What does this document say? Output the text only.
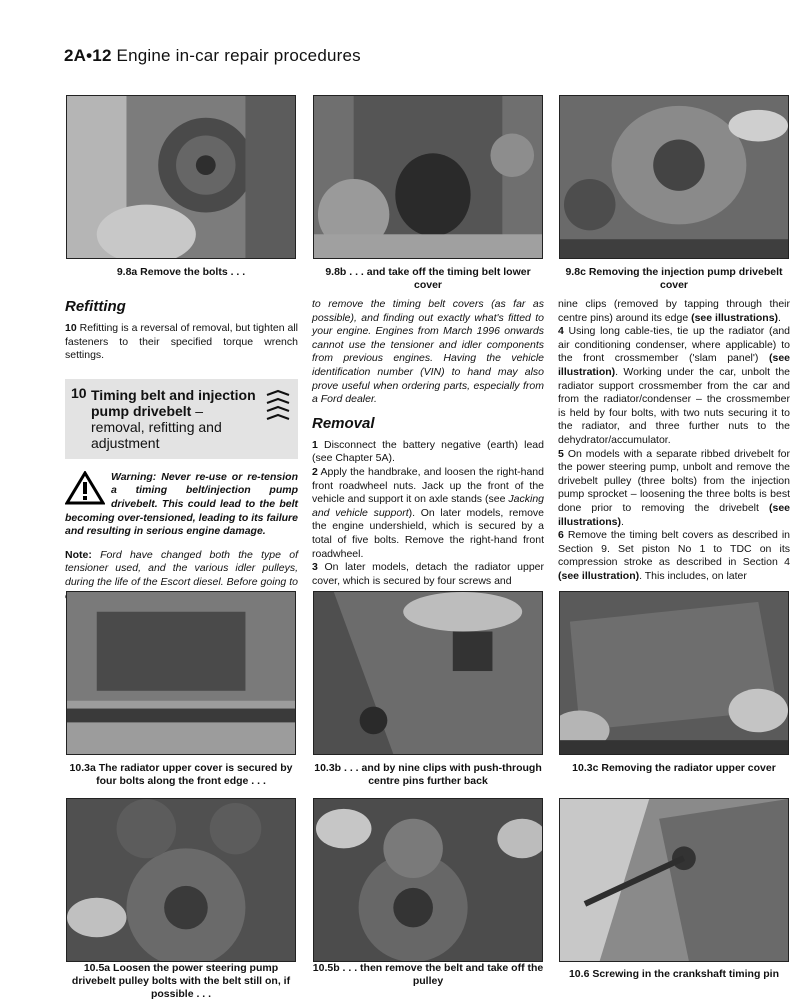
2A•12 Engine in-car repair procedures
9.8a Remove the bolts . . .	9.8b . . . and take off the timing belt lower cover
9.8c Removing the injection pump drivebelt cover
Refitting

10 Refitting is a reversal of removal, but tighten all fasteners to their specified torque wrench settings.

10 Timing belt and injection pump drivebelt – removal, refitting and adjustment
Warning: Never re-use or re-tension a timing belt/injection pump drivebelt. This could lead to the belt becoming over-tensioned, leading to its failure and resulting in serious engine damage.

Note: Ford have changed both the type of tensioner used, and the various idler pulleys, during the life of the Escort diesel. Before going to

to remove the timing belt covers (as far as possible), and finding out exactly what's fitted to your engine. Engines from March 1996 onwards cannot use the tensioner and idler components from previous engines. Having the vehicle identification number (VIN) to hand may also prove useful when ordering parts, especially from a Ford dealer.

Removal

1 Disconnect the battery negative (earth) lead (see Chapter 5A).

2 Apply the handbrake, and loosen the right-hand front roadwheel nuts. Jack up the front of the vehicle and support it on axle stands (see Jacking and vehicle support). On later models, remove the engine undershield, which is secured by a total of five bolts. Remove the right-hand front roadwheel.

3 On later models, detach the radiator upper cover, which is secured by four screws and

nine clips (removed by tapping through their centre pins) around its edge (see illustrations).

4 Using long cable-ties, tie up the radiator (and air conditioning condenser, where applicable) to the front crossmember ('slam panel') (see illustration). Working under the car, unbolt the radiator support crossmember from the car and from the radiator/condenser – the crossmember is held by four bolts, with two nuts securing it to the radiator, and three further nuts to the dehydrator/accumulator.

5 On models with a separate ribbed drivebelt for the power steering pump, unbolt and remove the drivebelt pulley (three bolts) from the injection pump sprocket – loosening the three bolts is best done prior to removing the drivebelt (see illustrations).

6 Remove the timing belt covers as described in Section 9. Set piston No 1 to TDC on its compression stroke as described in Section 4 (see illustration). This includes, on later

10.3a The radiator upper cover is secured by four bolts along the front edge . . .
10.3b . . . and by nine clips with push-through centre pins further back
10.3c Removing the radiator upper cover
10.5a Loosen the power steering pump drivebelt pulley bolts with the belt still on, if possible . . .
10.5b . . . then remove the belt and take off the pulley
10.6 Screwing in the crankshaft timing pin
